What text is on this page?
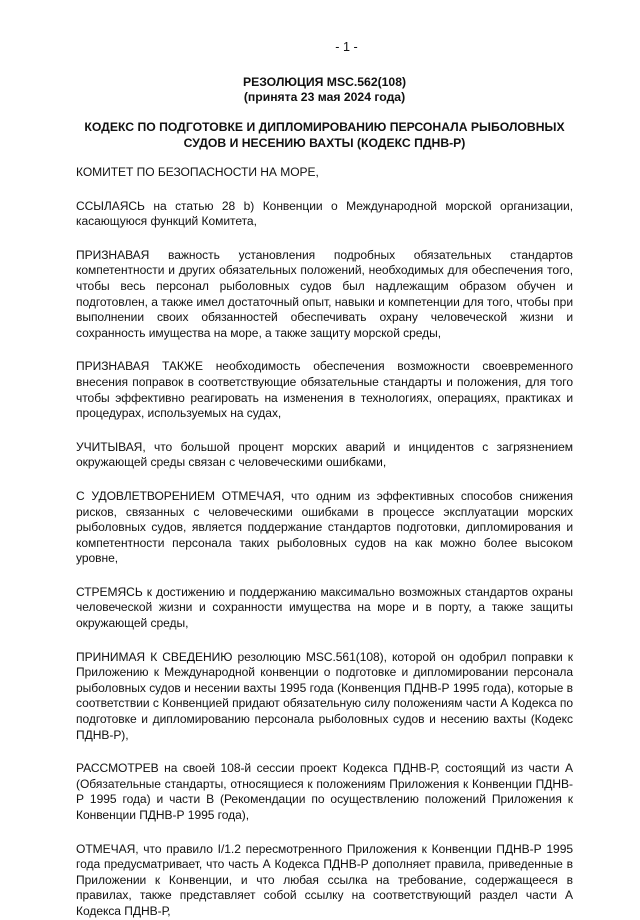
- 1 -
РЕЗОЛЮЦИЯ MSC.562(108)
(принята 23 мая 2024 года)
КОДЕКС ПО ПОДГОТОВКЕ И ДИПЛОМИРОВАНИЮ ПЕРСОНАЛА РЫБОЛОВНЫХ СУДОВ И НЕСЕНИЮ ВАХТЫ (КОДЕКС ПДНВ-Р)

КОМИТЕТ ПО БЕЗОПАСНОСТИ НА МОРЕ,

ССЫЛАЯСЬ на статью 28 b) Конвенции о Международной морской организации, касающуюся функций Комитета,

ПРИЗНАВАЯ важность установления подробных обязательных стандартов компетентности и других обязательных положений, необходимых для обеспечения того, чтобы весь персонал рыболовных судов был надлежащим образом обучен и подготовлен, а также имел достаточный опыт, навыки и компетенции для того, чтобы при выполнении своих обязанностей обеспечивать охрану человеческой жизни и сохранность имущества на море, а также защиту морской среды,

ПРИЗНАВАЯ ТАКЖЕ необходимость обеспечения возможности своевременного внесения поправок в соответствующие обязательные стандарты и положения, для того чтобы эффективно реагировать на изменения в технологиях, операциях, практиках и процедурах, используемых на судах,

УЧИТЫВАЯ, что большой процент морских аварий и инцидентов с загрязнением окружающей среды связан с человеческими ошибками,

С УДОВЛЕТВОРЕНИЕМ ОТМЕЧАЯ, что одним из эффективных способов снижения рисков, связанных с человеческими ошибками в процессе эксплуатации морских рыболовных судов, является поддержание стандартов подготовки, дипломирования и компетентности персонала таких рыболовных судов на как можно более высоком уровне,

СТРЕМЯСЬ к достижению и поддержанию максимально возможных стандартов охраны человеческой жизни и сохранности имущества на море и в порту, а также защиты окружающей среды,

ПРИНИМАЯ К СВЕДЕНИЮ резолюцию MSC.561(108), которой он одобрил поправки к Приложению к Международной конвенции о подготовке и дипломировании персонала рыболовных судов и несении вахты 1995 года (Конвенция ПДНВ-Р 1995 года), которые в соответствии с Конвенцией придают обязательную силу положениям части А Кодекса по подготовке и дипломированию персонала рыболовных судов и несению вахты (Кодекс ПДНВ-Р),

РАССМОТРЕВ на своей 108-й сессии проект Кодекса ПДНВ-Р, состоящий из части А (Обязательные стандарты, относящиеся к положениям Приложения к Конвенции ПДНВ-Р 1995 года) и части В (Рекомендации по осуществлению положений Приложения к Конвенции ПДНВ-Р 1995 года),

ОТМЕЧАЯ, что правило I/1.2 пересмотренного Приложения к Конвенции ПДНВ-Р 1995 года предусматривает, что часть А Кодекса ПДНВ-Р дополняет правила, приведенные в Приложении к Конвенции, и что любая ссылка на требование, содержащееся в правилах, также представляет собой ссылку на соответствующий раздел части А Кодекса ПДНВ-Р,
